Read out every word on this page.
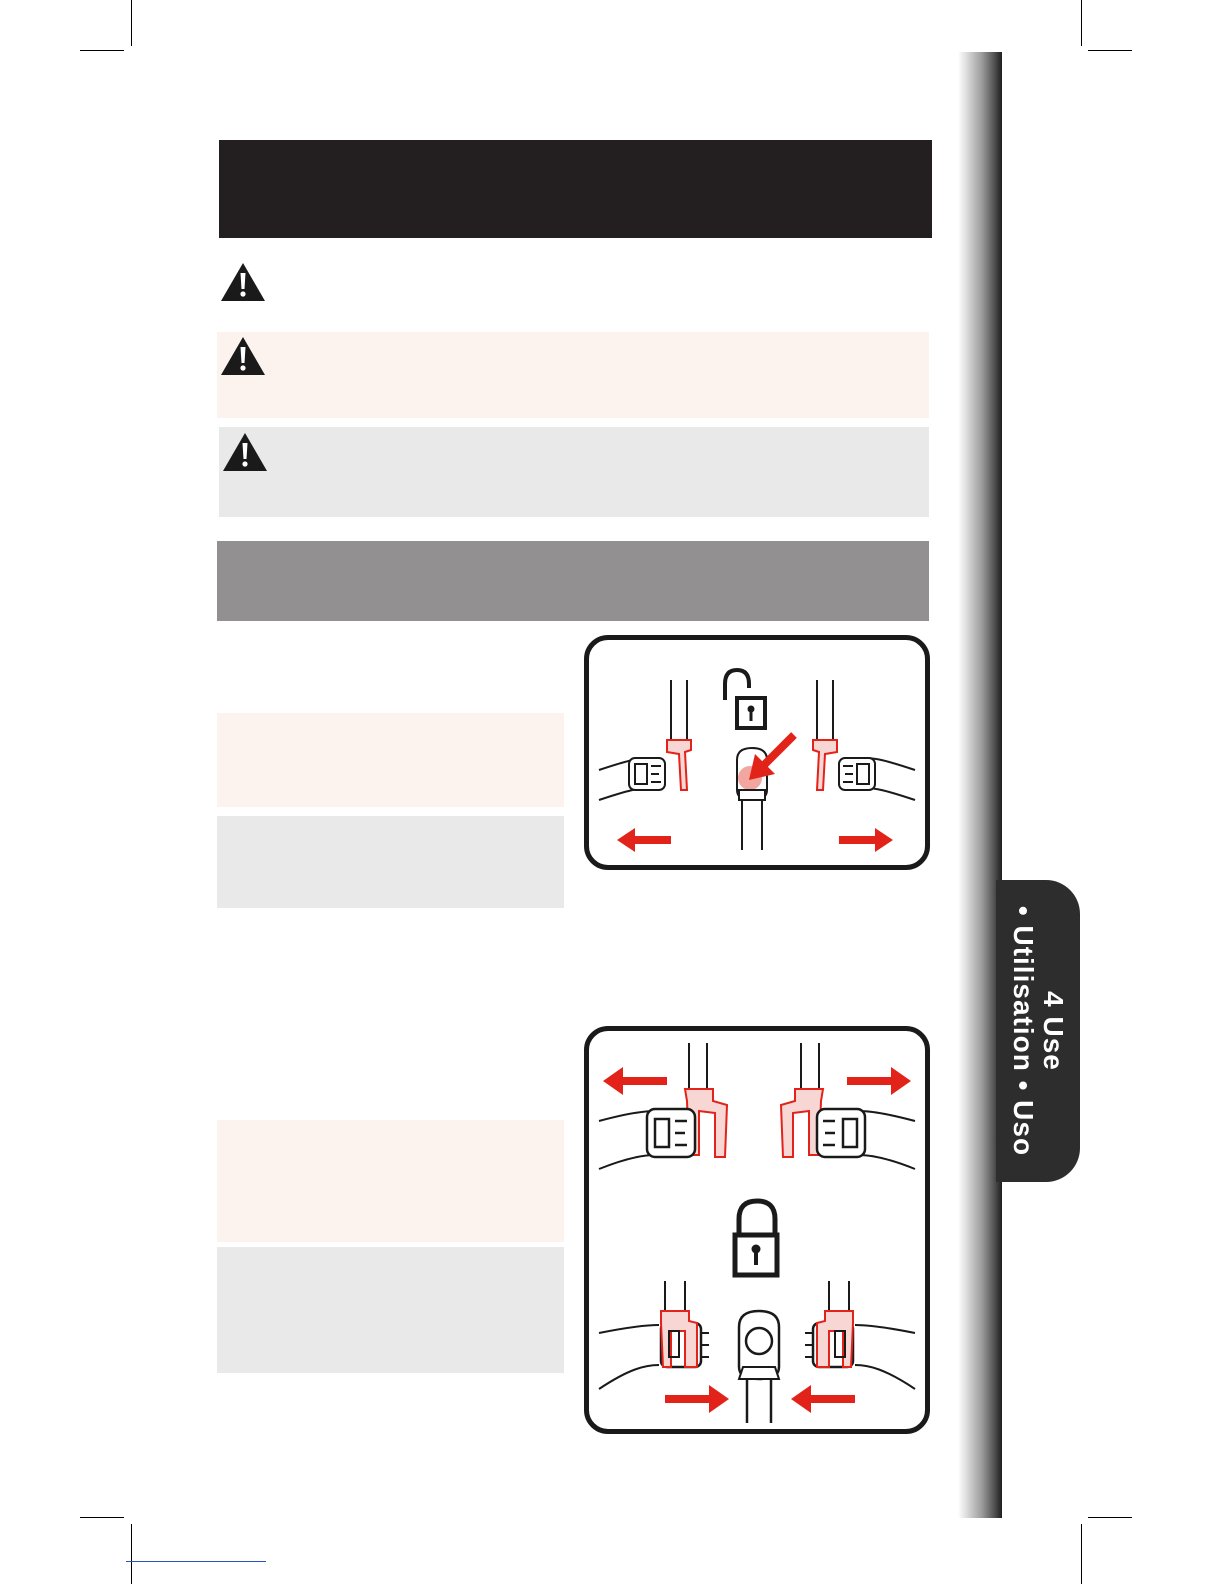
4 Use
• Utilisation • Uso
